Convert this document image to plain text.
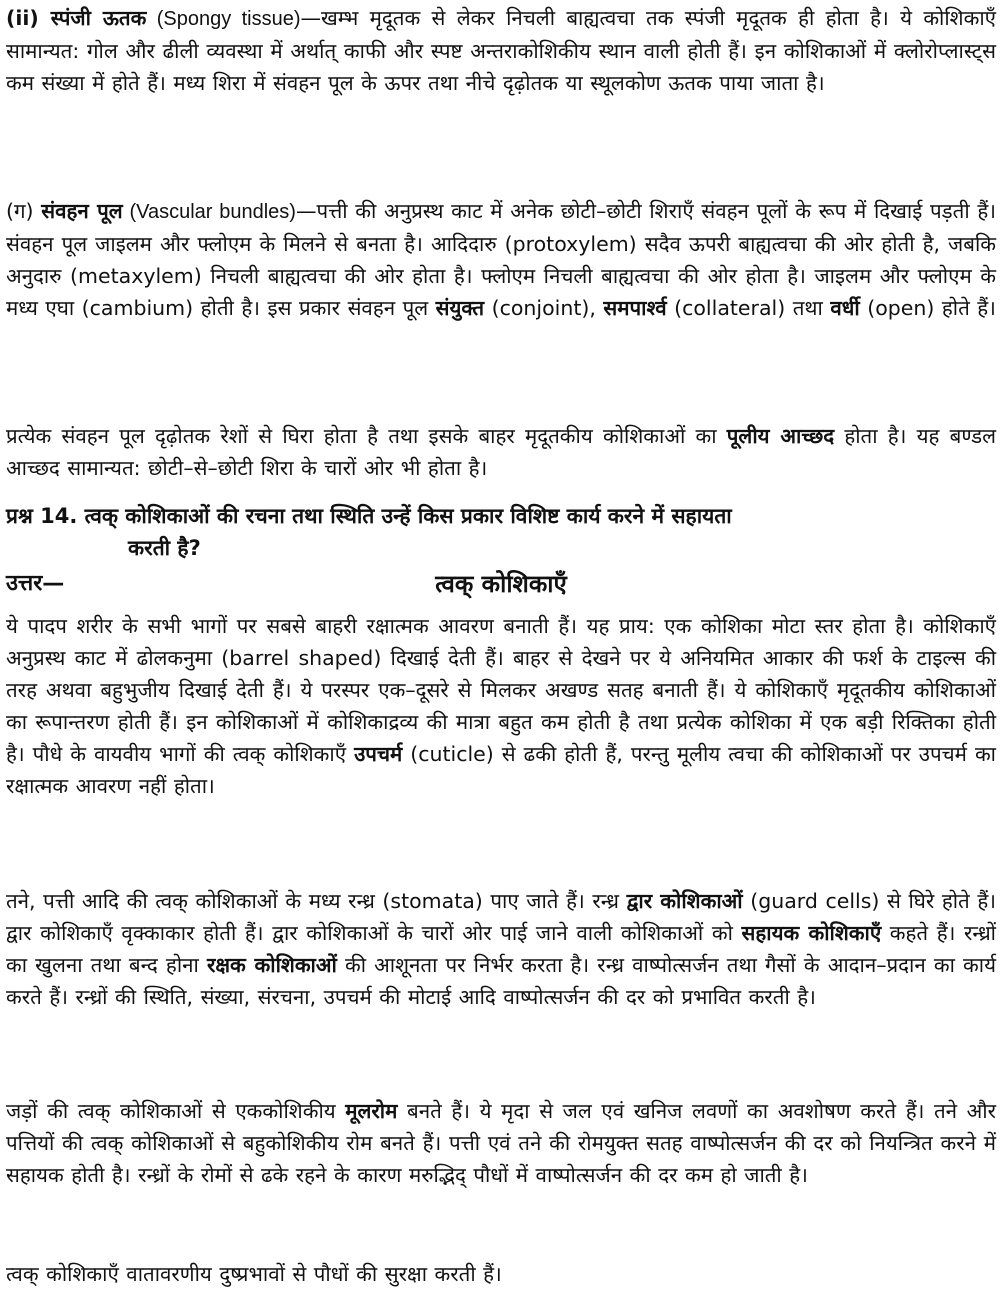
(ii) स्पंजी ऊतक (Spongy tissue)—खम्भ मृदूतक से लेकर निचली बाह्यत्वचा तक स्पंजी मृदूतक ही होता है। ये कोशिकाएँ सामान्यत: गोल और ढीली व्यवस्था में अर्थात् काफी और स्पष्ट अन्तराकोशिकीय स्थान वाली होती हैं। इन कोशिकाओं में क्लोरोप्लास्ट्स कम संख्या में होते हैं। मध्य शिरा में संवहन पूल के ऊपर तथा नीचे दृढ़ोतक या स्थूलकोण ऊतक पाया जाता है।
(ग) संवहन पूल (Vascular bundles)—पत्ती की अनुप्रस्थ काट में अनेक छोटी–छोटी शिराएँ संवहन पूलों के रूप में दिखाई पड़ती हैं। संवहन पूल जाइलम और फ्लोएम के मिलने से बनता है। आदिदारु (protoxylem) सदैव ऊपरी बाह्यत्वचा की ओर होती है, जबकि अनुदारु (metaxylem) निचली बाह्यत्वचा की ओर होता है। फ्लोएम निचली बाह्यत्वचा की ओर होता है। जाइलम और फ्लोएम के मध्य एघा (cambium) होती है। इस प्रकार संवहन पूल संयुक्त (conjoint), समपार्श्व (collateral) तथा वर्धी (open) होते हैं।
प्रत्येक संवहन पूल दृढ़ोतक रेशों से घिरा होता है तथा इसके बाहर मृदूतकीय कोशिकाओं का पूलीय आच्छद होता है। यह बण्डल आच्छद सामान्यत: छोटी–से–छोटी शिरा के चारों ओर भी होता है।
प्रश्न 14. त्वक् कोशिकाओं की रचना तथा स्थिति उन्हें किस प्रकार विशिष्ट कार्य करने में सहायता
करती है?
त्वक् कोशिकाएँ
उत्तर—
ये पादप शरीर के सभी भागों पर सबसे बाहरी रक्षात्मक आवरण बनाती हैं। यह प्राय: एक कोशिका मोटा स्तर होता है। कोशिकाएँ अनुप्रस्थ काट में ढोलकनुमा (barrel shaped) दिखाई देती हैं। बाहर से देखने पर ये अनियमित आकार की फर्श के टाइल्स की तरह अथवा बहुभुजीय दिखाई देती हैं। ये परस्पर एक–दूसरे से मिलकर अखण्ड सतह बनाती हैं। ये कोशिकाएँ मृदूतकीय कोशिकाओं का रूपान्तरण होती हैं। इन कोशिकाओं में कोशिकाद्रव्य की मात्रा बहुत कम होती है तथा प्रत्येक कोशिका में एक बड़ी रिक्तिका होती है। पौधे के वायवीय भागों की त्वक् कोशिकाएँ उपचर्म (cuticle) से ढकी होती हैं, परन्तु मूलीय त्वचा की कोशिकाओं पर उपचर्म का रक्षात्मक आवरण नहीं होता।
तने, पत्ती आदि की त्वक् कोशिकाओं के मध्य रन्ध्र (stomata) पाए जाते हैं। रन्ध्र द्वार कोशिकाओं (guard cells) से घिरे होते हैं। द्वार कोशिकाएँ वृक्काकार होती हैं। द्वार कोशिकाओं के चारों ओर पाई जाने वाली कोशिकाओं को सहायक कोशिकाएँ कहते हैं। रन्ध्रों का खुलना तथा बन्द होना रक्षक कोशिकाओं की आशूनता पर निर्भर करता है। रन्ध्र वाष्पोत्सर्जन तथा गैसों के आदान–प्रदान का कार्य करते हैं। रन्ध्रों की स्थिति, संख्या, संरचना, उपचर्म की मोटाई आदि वाष्पोत्सर्जन की दर को प्रभावित करती है।
जड़ों की त्वक् कोशिकाओं से एककोशिकीय मूलरोम बनते हैं। ये मृदा से जल एवं खनिज लवणों का अवशोषण करते हैं। तने और पत्तियों की त्वक् कोशिकाओं से बहुकोशिकीय रोम बनते हैं। पत्ती एवं तने की रोमयुक्त सतह वाष्पोत्सर्जन की दर को नियन्त्रित करने में सहायक होती है। रन्ध्रों के रोमों से ढके रहने के कारण मरुद्भिद् पौधों में वाष्पोत्सर्जन की दर कम हो जाती है।
त्वक् कोशिकाएँ वातावरणीय दुष्प्रभावों से पौधों की सुरक्षा करती हैं।
